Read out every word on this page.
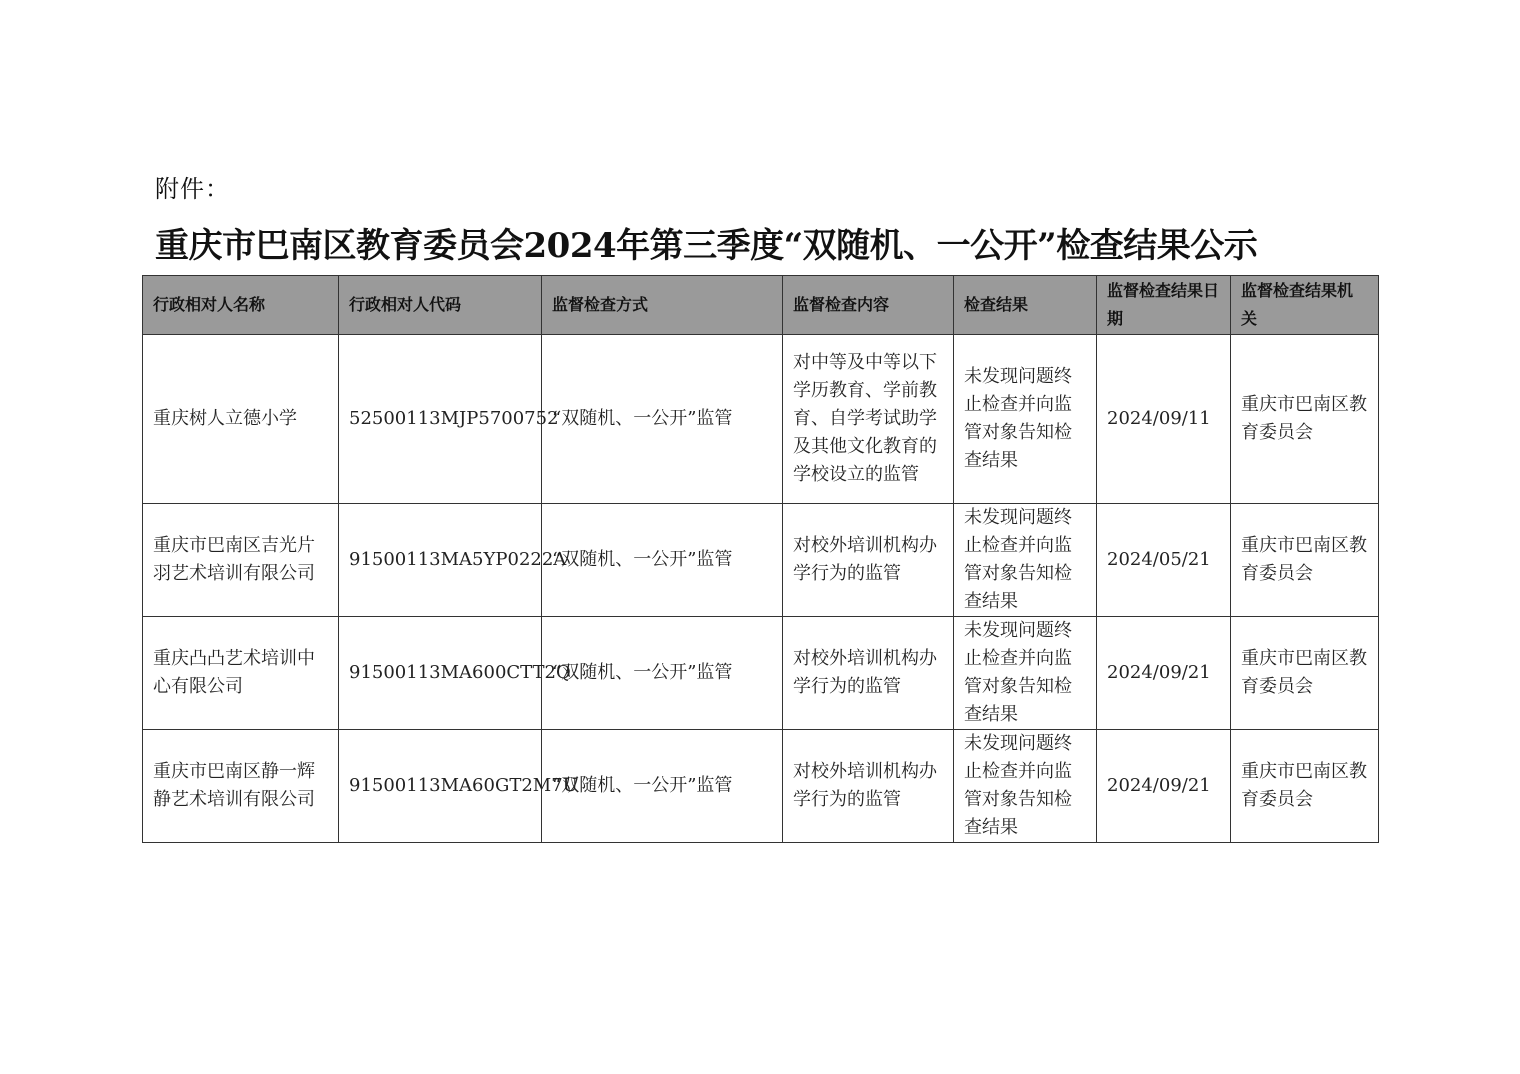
附件：
重庆市巴南区教育委员会2024年第三季度“双随机、一公开”检查结果公示
行政相对人名称	行政相对人代码	监督检查方式	监督检查内容	检查结果	监督检查结果日期	监督检查结果机关
重庆树人立德小学	52500113MJP5700752	“双随机、一公开”监管	对中等及中等以下学历教育、学前教育、自学考试助学及其他文化教育的学校设立的监管	未发现问题终止检查并向监管对象告知检查结果	2024/09/11	重庆市巴南区教育委员会
重庆市巴南区吉光片羽艺术培训有限公司	91500113MA5YP0222A	“双随机、一公开”监管	对校外培训机构办学行为的监管	未发现问题终止检查并向监管对象告知检查结果	2024/05/21	重庆市巴南区教育委员会
重庆凸凸艺术培训中心有限公司	91500113MA600CTT2Q	“双随机、一公开”监管	对校外培训机构办学行为的监管	未发现问题终止检查并向监管对象告知检查结果	2024/09/21	重庆市巴南区教育委员会
重庆市巴南区静一辉静艺术培训有限公司	91500113MA60GT2M7U	“双随机、一公开”监管	对校外培训机构办学行为的监管	未发现问题终止检查并向监管对象告知检查结果	2024/09/21	重庆市巴南区教育委员会
